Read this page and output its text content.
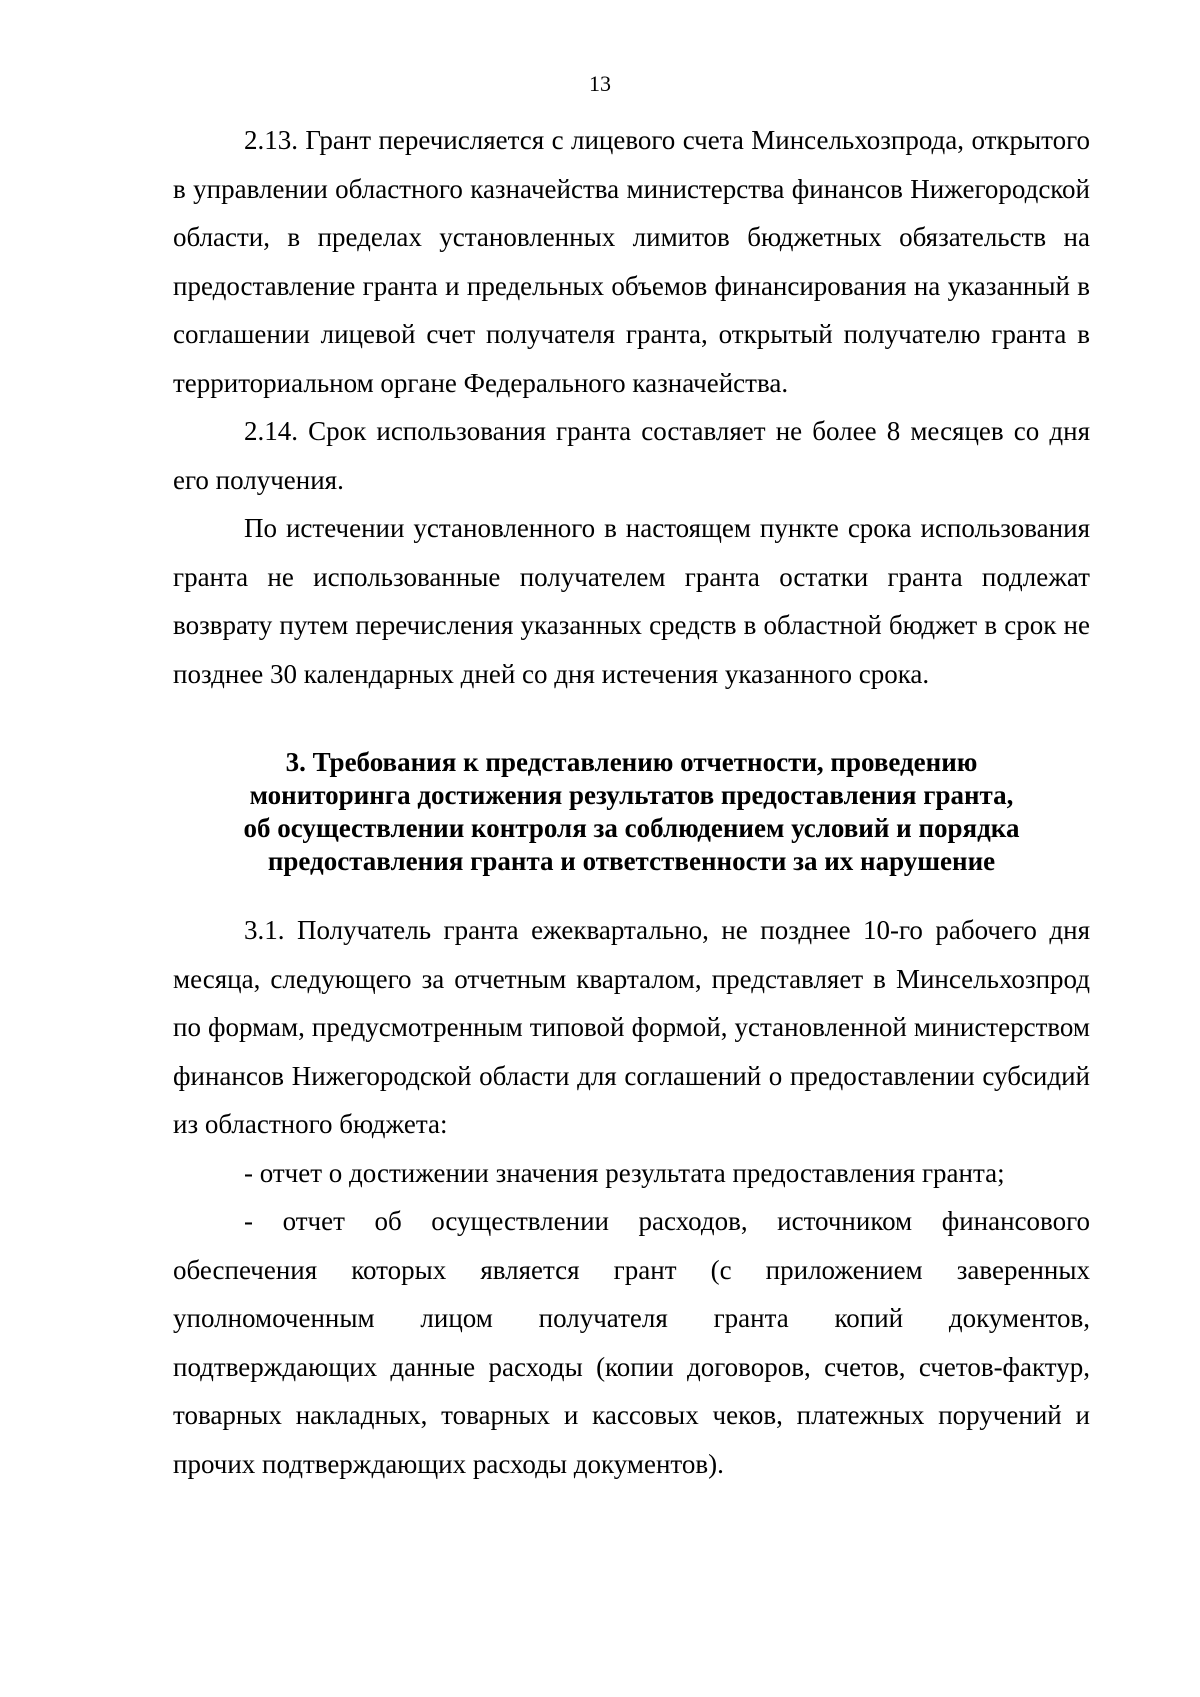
13

2.13. Грант перечисляется с лицевого счета Минсельхозпрода, открытого в управлении областного казначейства министерства финансов Нижегородской области, в пределах установленных лимитов бюджетных обязательств на предоставление гранта и предельных объемов финансирования на указанный в соглашении лицевой счет получателя гранта, открытый получателю гранта в территориальном органе Федерального казначейства.

2.14. Срок использования гранта составляет не более 8 месяцев со дня его получения.

По истечении установленного в настоящем пункте срока использования гранта не использованные получателем гранта остатки гранта подлежат возврату путем перечисления указанных средств в областной бюджет в срок не позднее 30 календарных дней со дня истечения указанного срока.

3. Требования к представлению отчетности, проведению
мониторинга достижения результатов предоставления гранта,
об осуществлении контроля за соблюдением условий и порядка
предоставления гранта и ответственности за их нарушение

3.1. Получатель гранта ежеквартально, не позднее 10-го рабочего дня месяца, следующего за отчетным кварталом, представляет в Минсельхозпрод по формам, предусмотренным типовой формой, установленной министерством финансов Нижегородской области для соглашений о предоставлении субсидий из областного бюджета:

- отчет о достижении значения результата предоставления гранта;

- отчет об осуществлении расходов, источником финансового обеспечения которых является грант (с приложением заверенных уполномоченным лицом получателя гранта копий документов, подтверждающих данные расходы (копии договоров, счетов, счетов-фактур, товарных накладных, товарных и кассовых чеков, платежных поручений и прочих подтверждающих расходы документов).
